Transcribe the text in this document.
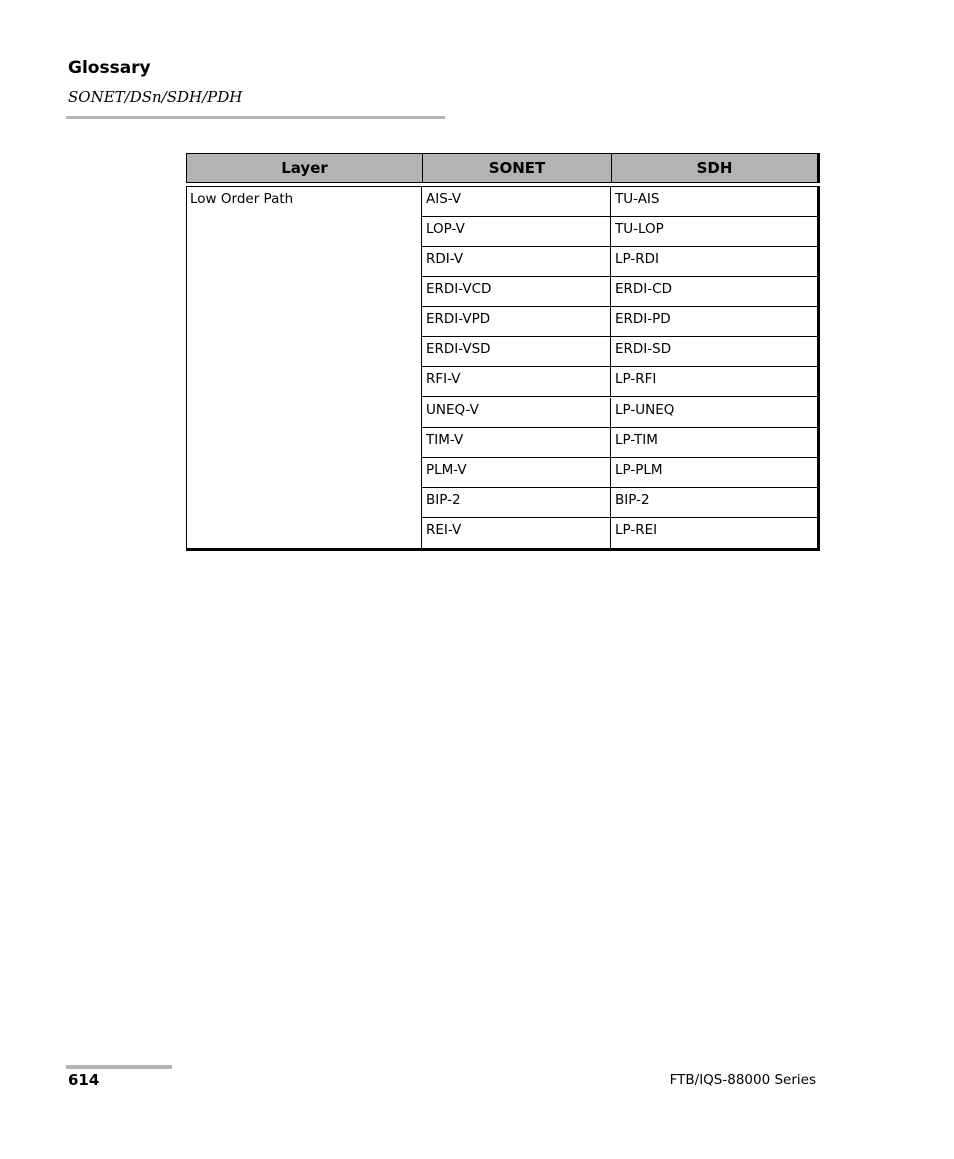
Glossary
SONET/DSn/SDH/PDH
Layer	SONET	SDH
Low Order Path	AIS-V	TU-AIS
LOP-V	TU-LOP
RDI-V	LP-RDI
ERDI-VCD	ERDI-CD
ERDI-VPD	ERDI-PD
ERDI-VSD	ERDI-SD
RFI-V	LP-RFI
UNEQ-V	LP-UNEQ
TIM-V	LP-TIM
PLM-V	LP-PLM
BIP-2	BIP-2
REI-V	LP-REI
614	FTB/IQS-88000 Series
